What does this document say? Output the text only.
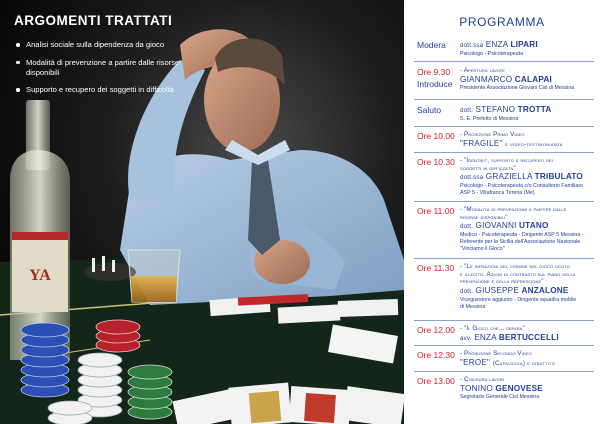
YA
ARGOMENTI TRATTATI
Analisi sociale sulla dipendenza da gioco
Modalità di prevenzione a partire dalle risorse disponibili
Supporto e recupero dei soggetti in difficoltà
PROGRAMMA
Modera dott.ssa ENZA LIPARI
Psicologo - Psicoterapeuta
Ore 9.30
Introduce
- Apertura lavori
GIANMARCO CALAPAI
Presidente Associazione Giovani Cisl di Messina
Saluto	dott. STEFANO TROTTA
S. E. Prefetto di Messina
Ore 10.00 - Proiezione Primo Video
"FRAGILE" e video-testimonianza
Ore 10.30 - "Identikit, supporto e recupero dei
soggetti in difficoltà"
dott.ssa GRAZIELLA TRIBULATO
Psicologo - Psicoterapeuta c/o Consultorio Familiare
ASP 5 - Villafranca Tirrena (Me)
Ore 11.00 - "Modalità di prevenzione a partire dalle
risorse disponibili"
dott. GIOVANNI UTANO
Medico - Psicoterapeuta - Dirigente ASP 5 Messina -
Referente per la Sicilia dell'Associazione Nazionale
"Vinciamo il Gioco"
Ore 11.30 - "Le infrazioni del crimine nel gioco lecito
e illecito. Azioni di contrasto sul piano della
prevenzione e della repressione"
dott. GIUSEPPE ANZALONE
Viceguestore aggiunto - Dirigente squadra mobile
di Messina
Ore 12.00 - "Il Gioco che... separa"
avv. ENZA BERTUCCELLI
Ore 12.30 - Proiezione Secondo Video
"EROE" (Capacezza) e dibattito
Ore 13.00 - Chiusura lavori
TONINO GENOVESE
Segretario Generale Cisl Messina
